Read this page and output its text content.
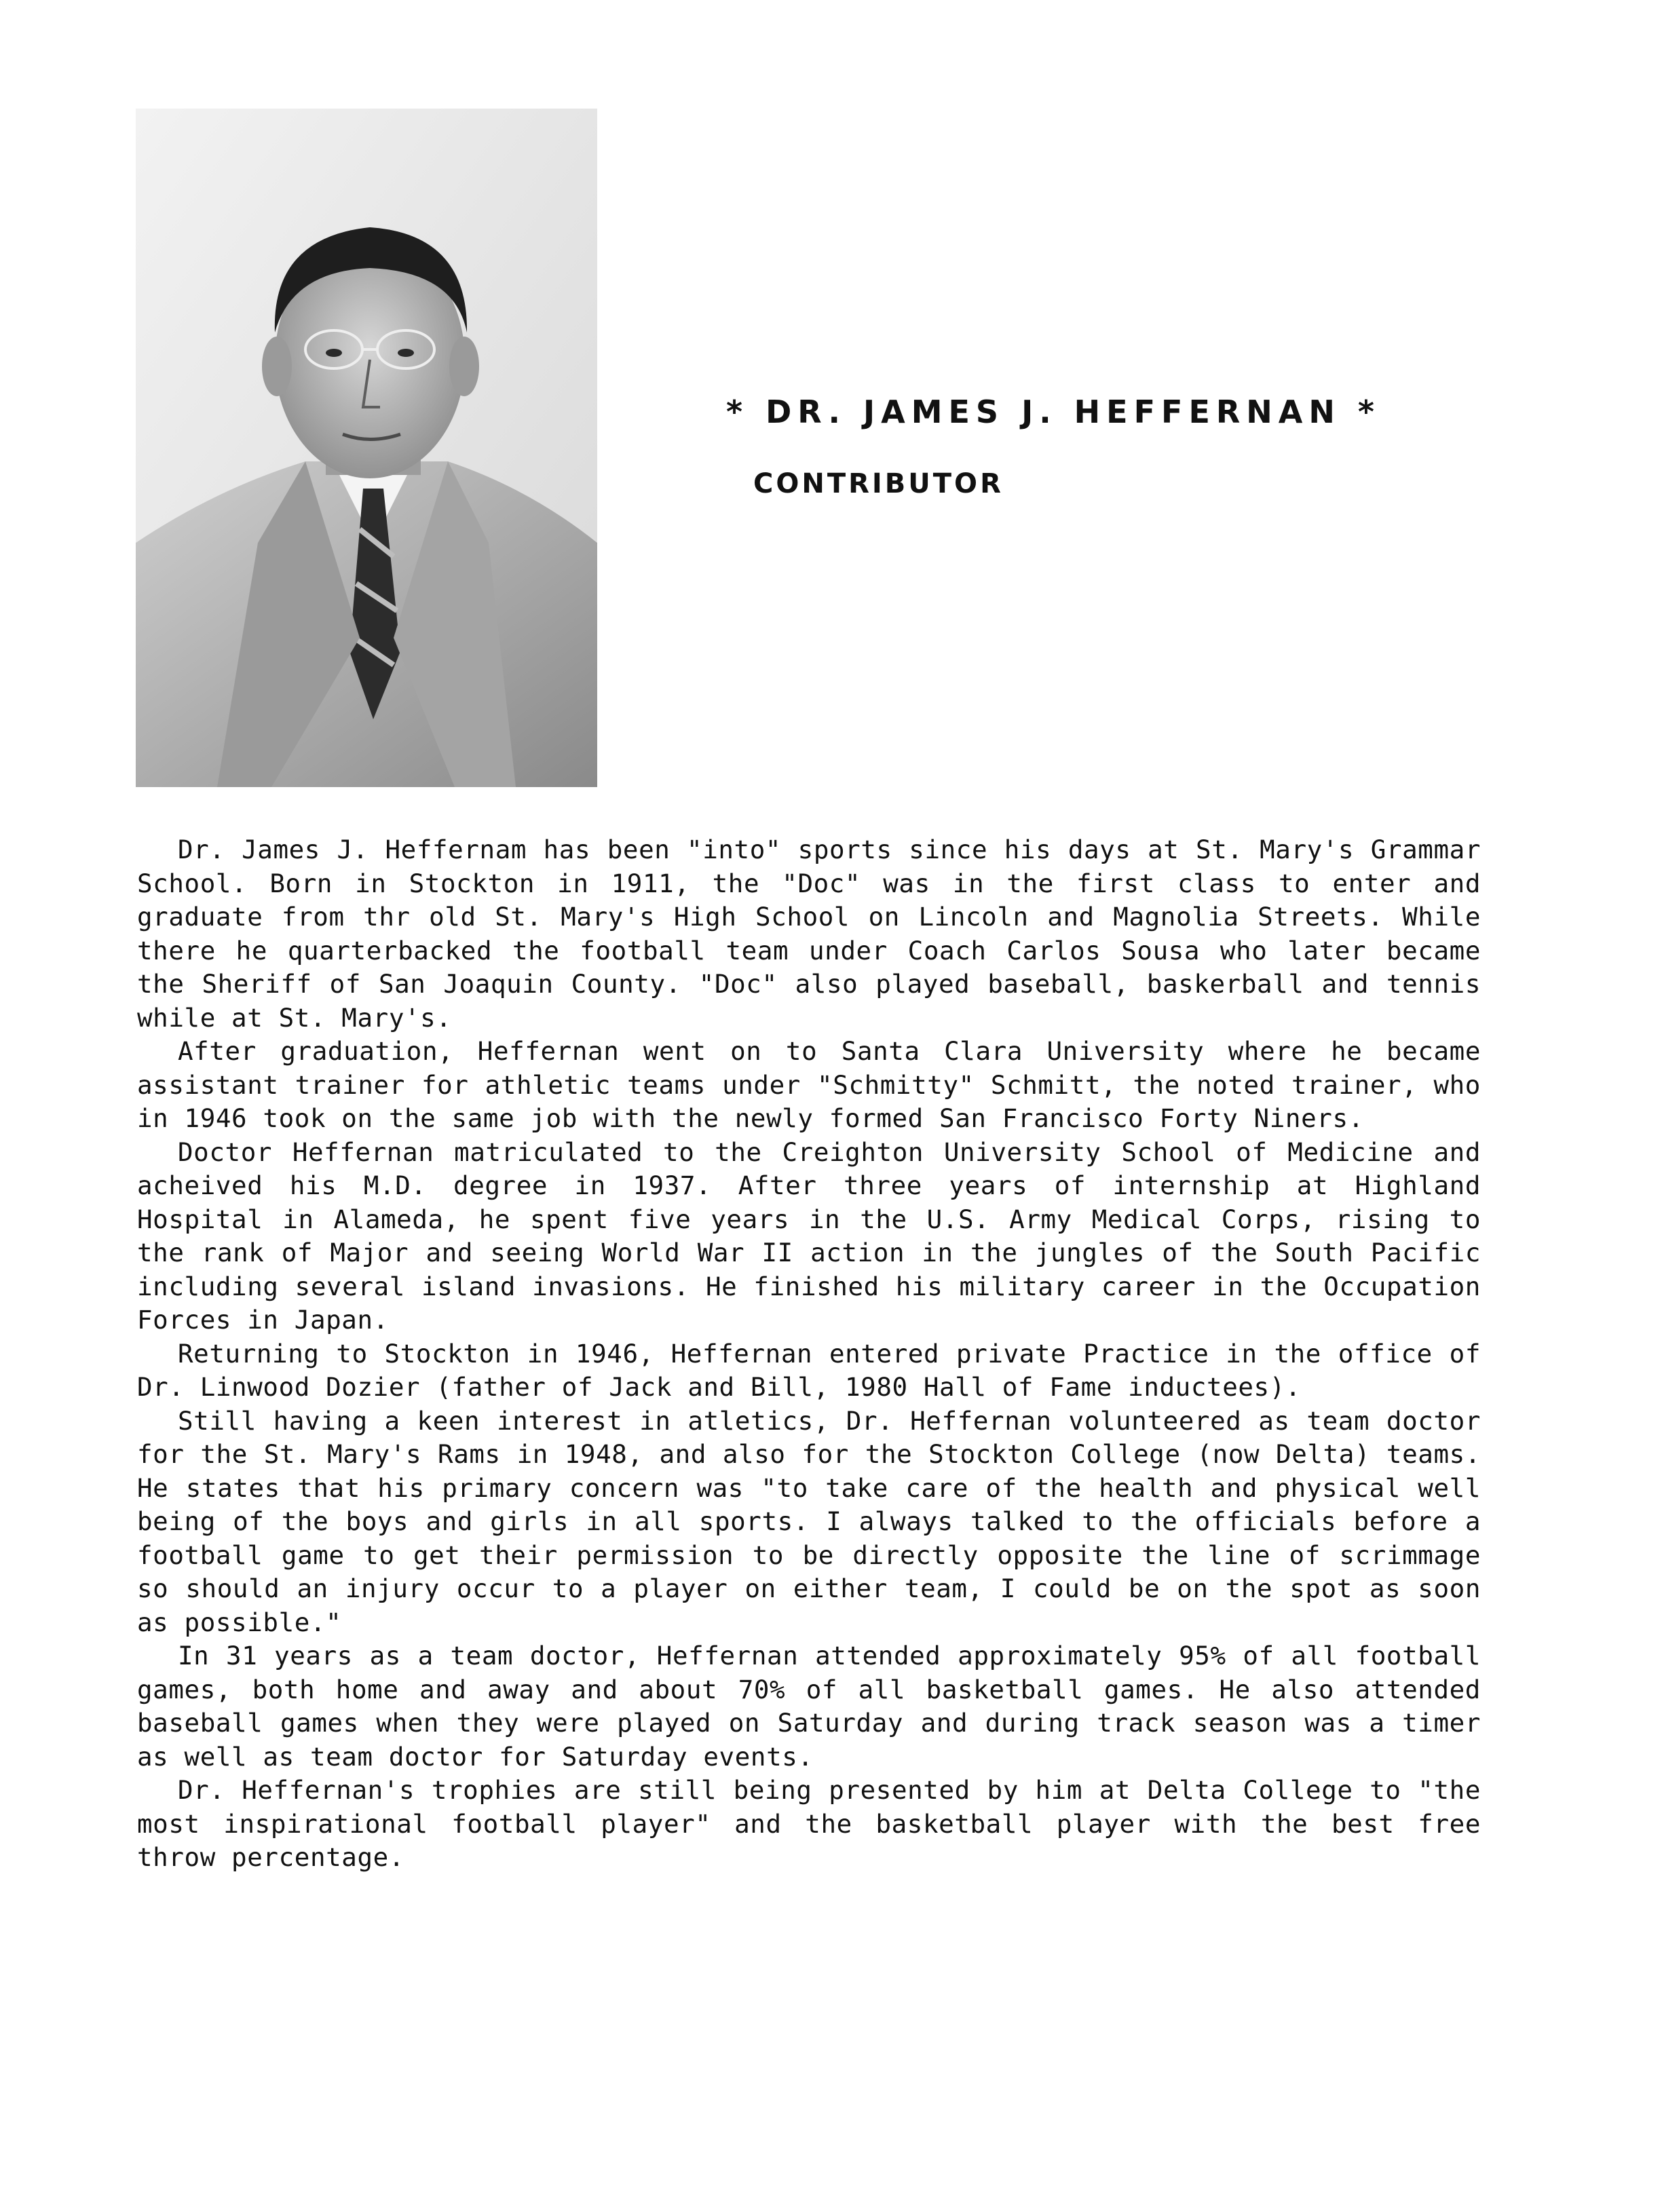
* DR. JAMES J. HEFFERNAN *
CONTRIBUTOR

Dr. James J. Heffernam has been "into" sports since his days at St. Mary's Grammar School. Born in Stockton in 1911, the "Doc" was in the first class to enter and graduate from thr old St. Mary's High School on Lincoln and Magnolia Streets. While there he quarterbacked the football team under Coach Carlos Sousa who later became the Sheriff of San Joaquin County. "Doc" also played baseball, baskerball and tennis while at St. Mary's.

After graduation, Heffernan went on to Santa Clara University where he became assistant trainer for athletic teams under "Schmitty" Schmitt, the noted trainer, who in 1946 took on the same job with the newly formed San Francisco Forty Niners.

Doctor Heffernan matriculated to the Creighton University School of Medicine and acheived his M.D. degree in 1937. After three years of internship at Highland Hospital in Alameda, he spent five years in the U.S. Army Medical Corps, rising to the rank of Major and seeing World War II action in the jungles of the South Pacific including several island invasions. He finished his military career in the Occupation Forces in Japan.

Returning to Stockton in 1946, Heffernan entered private Practice in the office of Dr. Linwood Dozier (father of Jack and Bill, 1980 Hall of Fame inductees).

Still having a keen interest in atletics, Dr. Heffernan volunteered as team doctor for the St. Mary's Rams in 1948, and also for the Stockton College (now Delta) teams. He states that his primary concern was "to take care of the health and physical well being of the boys and girls in all sports. I always talked to the officials before a football game to get their permission to be directly opposite the line of scrimmage so should an injury occur to a player on either team, I could be on the spot as soon as possible."

In 31 years as a team doctor, Heffernan attended approximately 95% of all football games, both home and away and about 70% of all basketball games. He also attended baseball games when they were played on Saturday and during track season was a timer as well as team doctor for Saturday events.

Dr. Heffernan's trophies are still being presented by him at Delta College to "the most inspirational football player" and the basketball player with the best free throw percentage.
